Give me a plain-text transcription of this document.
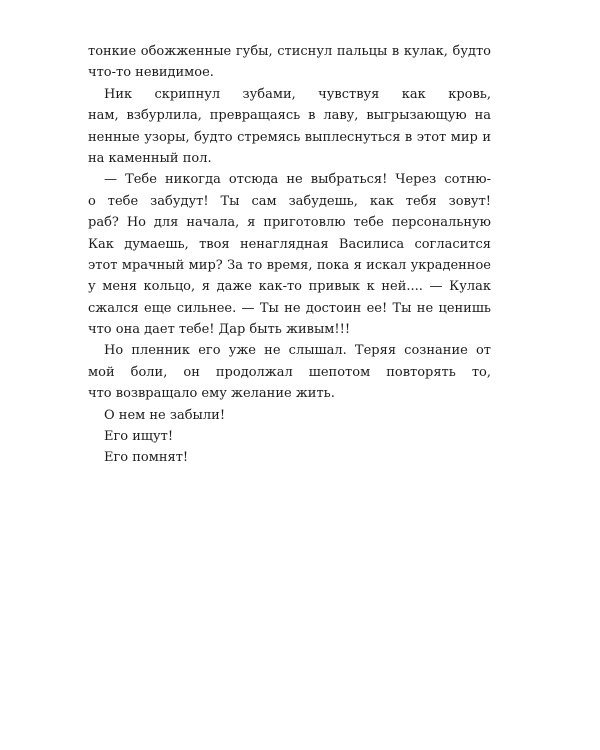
тонкие обожженные губы, стиснул пальцы в кулак, будто
что-то невидимое.
Ник скрипнул зубами, чувствуя как кровь,
нам, взбурлила, превращаясь в лаву, выгрызающую на
ненные узоры, будто стремясь выплеснуться в этот мир и
на каменный пол.
— Тебе никогда отсюда не выбраться! Через сотню-
о тебе забудут! Ты сам забудешь, как тебя зовут!
раб? Но для начала, я приготовлю тебе персональную
Как думаешь, твоя ненаглядная Василиса согласится
этот мрачный мир? За то время, пока я искал украденное
у меня кольцо, я даже как-то привык к ней.... — Кулак
сжался еще сильнее. — Ты не достоин ее! Ты не ценишь
что она дает тебе! Дар быть живым!!!
Но пленник его уже не слышал. Теряя сознание от
мой боли, он продолжал шепотом повторять то,
что возвращало ему желание жить.
О нем не забыли!
Его ищут!
Его помнят!
